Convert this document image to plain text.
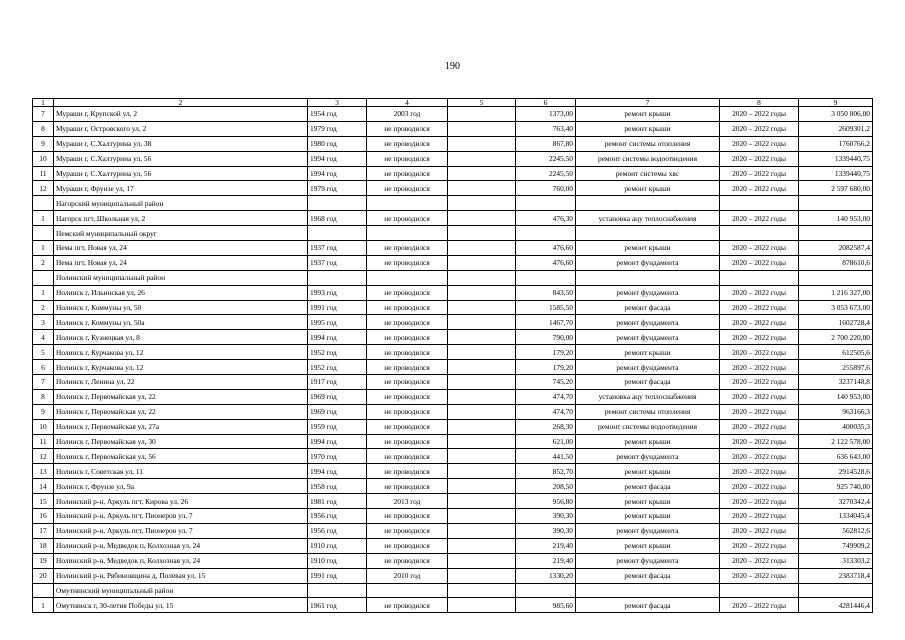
190
1	2	3	4	5	6	7	8	9
7	Мураши г, Крупской ул, 2	1954 год	2003 год		1373,00	ремонт крыши	2020 – 2022 годы	3 050 806,00
8	Мураши г, Островского ул, 2	1979 год	не проводился		763,40	ремонт крыши	2020 – 2022 годы	2609301,2
9	Мураши г, С.Халтурина ул, 38	1980 год	не проводился		867,80	ремонт системы отопления	2020 – 2022 годы	1760766,2
10	Мураши г, С.Халтурина ул, 56	1994 год	не проводился		2245,50	ремонт системы водоотведения	2020 – 2022 годы	1339440,75
11	Мураши г, С.Халтурина ул, 56	1994 год	не проводился		2245,50	ремонт системы хвс	2020 – 2022 годы	1339440,75
12	Мураши г, Фрунзе ул, 17	1979 год	не проводился		760,00	ремонт крыши	2020 – 2022 годы	2 597 680,00
	Нагорский муниципальный район							
1	Нагорск пгт, Школьная ул, 2	1968 год	не проводился		476,30	установка ацу теплоснабжения	2020 – 2022 годы	140 953,00
	Немский муниципальный округ							
1	Нема пгт, Новая ул, 24	1937 год	не проводился		476,60	ремонт крыши	2020 – 2022 годы	2082587,4
2	Нема пгт, Новая ул, 24	1937 год	не проводился		476,60	ремонт фундамента	2020 – 2022 годы	878610,6
	Нолинский муниципальный район							
1	Нолинск г, Ильинская ул, 26	1993 год	не проводился		843,50	ремонт фундамента	2020 – 2022 годы	1 216 327,00
2	Нолинск г, Коммуны ул, 50	1991 год	не проводился		1585,50	ремонт фасада	2020 – 2022 годы	3 053 673,00
3	Нолинск г, Коммуны ул, 50а	1995 год	не проводился		1467,70	ремонт фундамента	2020 – 2022 годы	1602728,4
4	Нолинск г, Кузнецкая ул, 8	1994 год	не проводился		790,00	ремонт фундамента	2020 – 2022 годы	2 700 220,00
5	Нолинск г, Курчакова ул, 12	1952 год	не проводился		179,20	ремонт крыши	2020 – 2022 годы	612505,6
6	Нолинск г, Курчакова ул, 12	1952 год	не проводился		179,20	ремонт фундамента	2020 – 2022 годы	255897,6
7	Нолинск г, Ленина ул, 22	1917 год	не проводился		745,20	ремонт фасада	2020 – 2022 годы	3237148,8
8	Нолинск г, Первомайская ул, 22	1969 год	не проводился		474,70	установка ацу теплоснабжения	2020 – 2022 годы	140 953,00
9	Нолинск г, Первомайская ул, 22	1969 год	не проводился		474,70	ремонт системы отопления	2020 – 2022 годы	963166,3
10	Нолинск г, Первомайская ул, 27а	1959 год	не проводился		268,30	ремонт системы водоотведения	2020 – 2022 годы	400035,3
11	Нолинск г, Первомайская ул, 30	1994 год	не проводился		621,00	ремонт крыши	2020 – 2022 годы	2 122 578,00
12	Нолинск г, Первомайская ул, 56	1970 год	не проводился		441,50	ремонт фундамента	2020 – 2022 годы	636 643,00
13	Нолинск г, Советская ул, 11	1994 год	не проводился		852,70	ремонт крыши	2020 – 2022 годы	2914528,6
14	Нолинск г, Фрунзе ул, 9а	1958 год	не проводился		208,50	ремонт фасада	2020 – 2022 годы	925 740,00
15	Нолинский р-н, Аркуль пгт, Кирова ул, 26	1981 год	2013 год		956,80	ремонт крыши	2020 – 2022 годы	3270342,4
16	Нолинский р-н, Аркуль пгт, Пионеров ул, 7	1956 год	не проводился		390,30	ремонт крыши	2020 – 2022 годы	1334045,4
17	Нолинский р-н, Аркуль пгт, Пионеров ул, 7	1956 год	не проводился		390,30	ремонт фундамента	2020 – 2022 годы	562812,6
18	Нолинский р-н, Медведок п, Колхозная ул, 24	1910 год	не проводился		219,40	ремонт крыши	2020 – 2022 годы	749909,2
19	Нолинский р-н, Медведок п, Колхозная ул, 24	1910 год	не проводился		219,40	ремонт фундамента	2020 – 2022 годы	313303,2
20	Нолинский р-н, Рябиновщина д, Полевая ул, 15	1991 год	2010 год		1330,20	ремонт фасада	2020 – 2022 годы	2383718,4
	Омутнинский муниципальный район							
1	Омутнинск г, 30-летия Победы ул, 15	1961 год	не проводился		985,60	ремонт фасада	2020 – 2022 годы	4281446,4
